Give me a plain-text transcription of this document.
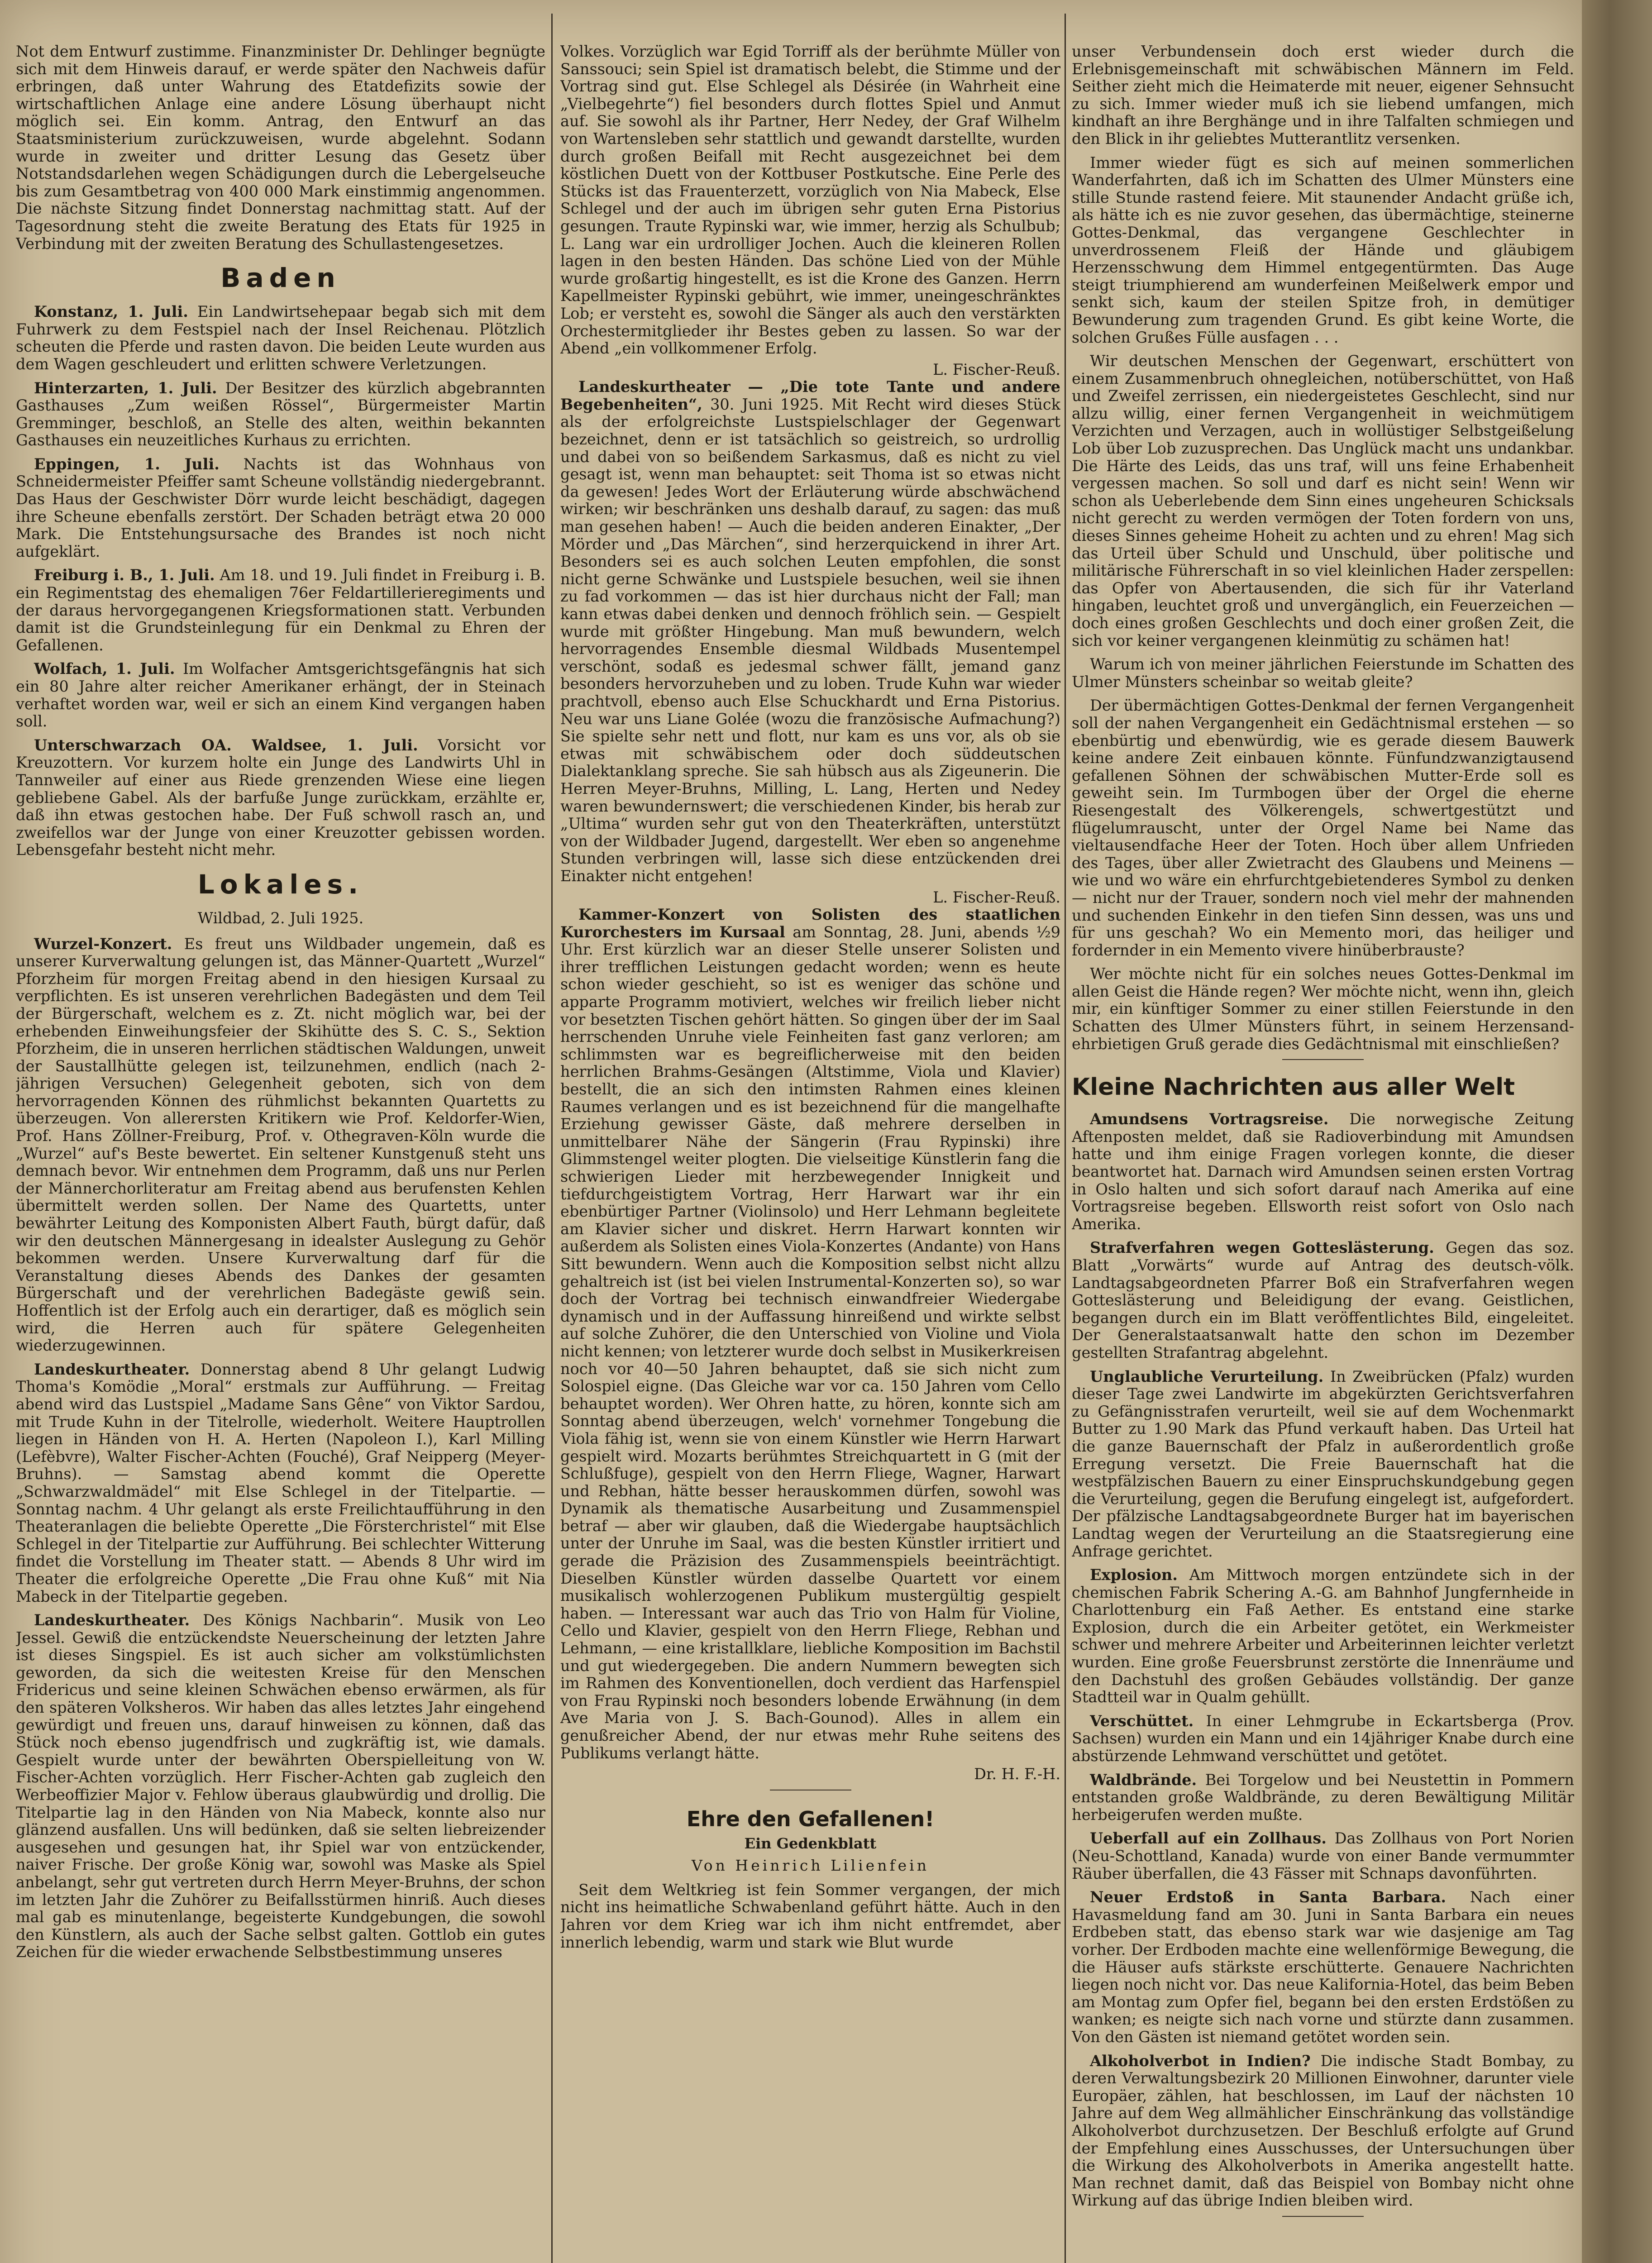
Not dem Entwurf zustimme. Finanzminister Dr. Dehlinger begnügte sich mit dem Hinweis darauf, er werde später den Nachweis dafür erbringen, daß unter Wahrung des Etatdefizits sowie der wirtschaftlichen Anlage eine andere Lösung überhaupt nicht möglich sei. Ein komm. Antrag, den Entwurf an das Staatsministerium zurückzuweisen, wurde abgelehnt. Sodann wurde in zweiter und dritter Lesung das Gesetz über Notstandsdarlehen wegen Schädigungen durch die Lebergelseuche bis zum Gesamtbetrag von 400 000 Mark einstimmig angenommen. Die nächste Sitzung findet Donnerstag nachmittag statt. Auf der Tagesordnung steht die zweite Beratung des Etats für 1925 in Verbindung mit der zweiten Beratung des Schullastengesetzes.

Baden

Konstanz, 1. Juli. Ein Landwirtsehepaar begab sich mit dem Fuhrwerk zu dem Festspiel nach der Insel Reichenau. Plötzlich scheuten die Pferde und rasten davon. Die beiden Leute wurden aus dem Wagen geschleudert und erlitten schwere Verletzungen.

Hinterzarten, 1. Juli. Der Besitzer des kürzlich abgebrannten Gasthauses „Zum weißen Rössel“, Bürgermeister Martin Gremminger, beschloß, an Stelle des alten, weithin bekannten Gasthauses ein neuzeitliches Kurhaus zu errichten.

Eppingen, 1. Juli. Nachts ist das Wohnhaus von Schneidermeister Pfeiffer samt Scheune vollständig niedergebrannt. Das Haus der Geschwister Dörr wurde leicht beschädigt, dagegen ihre Scheune ebenfalls zerstört. Der Schaden beträgt etwa 20 000 Mark. Die Entstehungsursache des Brandes ist noch nicht aufgeklärt.

Freiburg i. B., 1. Juli. Am 18. und 19. Juli findet in Freiburg i. B. ein Regimentstag des ehemaligen 76er Feldartillerieregiments und der daraus hervorgegangenen Kriegsformationen statt. Verbunden damit ist die Grundsteinlegung für ein Denkmal zu Ehren der Gefallenen.

Wolfach, 1. Juli. Im Wolfacher Amtsgerichtsgefängnis hat sich ein 80 Jahre alter reicher Amerikaner erhängt, der in Steinach verhaftet worden war, weil er sich an einem Kind vergangen haben soll.

Unterschwarzach OA. Waldsee, 1. Juli. Vorsicht vor Kreuzottern. Vor kurzem holte ein Junge des Landwirts Uhl in Tannweiler auf einer aus Riede grenzenden Wiese eine liegen gebliebene Gabel. Als der barfuße Junge zurückkam, erzählte er, daß ihn etwas gestochen habe. Der Fuß schwoll rasch an, und zweifellos war der Junge von einer Kreuzotter gebissen worden. Lebensgefahr besteht nicht mehr.

Lokales.
Wildbad, 2. Juli 1925.

Wurzel-Konzert. Es freut uns Wildbader ungemein, daß es unserer Kurverwaltung gelungen ist, das Männer-Quartett „Wurzel“ Pforzheim für morgen Freitag abend in den hiesigen Kursaal zu verpflichten. Es ist unseren verehrlichen Badegästen und dem Teil der Bürgerschaft, welchem es z. Zt. nicht möglich war, bei der erhebenden Einweihungsfeier der Skihütte des S. C. S., Sektion Pforzheim, die in unseren herrlichen städtischen Waldungen, unweit der Saustallhütte gelegen ist, teilzunehmen, endlich (nach 2-jährigen Versuchen) Gelegenheit geboten, sich von dem hervorragenden Können des rühmlichst bekannten Quartetts zu überzeugen. Von allerersten Kritikern wie Prof. Keldorfer-Wien, Prof. Hans Zöllner-Freiburg, Prof. v. Othegraven-Köln wurde die „Wurzel“ auf's Beste bewertet. Ein seltener Kunstgenuß steht uns demnach bevor. Wir entnehmen dem Programm, daß uns nur Perlen der Männerchorliteratur am Freitag abend aus berufensten Kehlen übermittelt werden sollen. Der Name des Quartetts, unter bewährter Leitung des Komponisten Albert Fauth, bürgt dafür, daß wir den deutschen Männergesang in idealster Auslegung zu Gehör bekommen werden. Unsere Kurverwaltung darf für die Veranstaltung dieses Abends des Dankes der gesamten Bürgerschaft und der verehrlichen Badegäste gewiß sein. Hoffentlich ist der Erfolg auch ein derartiger, daß es möglich sein wird, die Herren auch für spätere Gelegenheiten wiederzugewinnen.

Landeskurtheater. Donnerstag abend 8 Uhr gelangt Ludwig Thoma's Komödie „Moral“ erstmals zur Aufführung. — Freitag abend wird das Lustspiel „Madame Sans Gêne“ von Viktor Sardou, mit Trude Kuhn in der Titelrolle, wiederholt. Weitere Hauptrollen liegen in Händen von H. A. Herten (Napoleon I.), Karl Milling (Lefèbvre), Walter Fischer-Achten (Fouché), Graf Neipperg (Meyer-Bruhns). — Samstag abend kommt die Operette „Schwarzwaldmädel“ mit Else Schlegel in der Titelpartie. — Sonntag nachm. 4 Uhr gelangt als erste Freilichtaufführung in den Theateranlagen die beliebte Operette „Die Försterchristel“ mit Else Schlegel in der Titelpartie zur Aufführung. Bei schlechter Witterung findet die Vorstellung im Theater statt. — Abends 8 Uhr wird im Theater die erfolgreiche Operette „Die Frau ohne Kuß“ mit Nia Mabeck in der Titelpartie gegeben.

Landeskurtheater. Des Königs Nachbarin“. Musik von Leo Jessel. Gewiß die entzückendste Neuerscheinung der letzten Jahre ist dieses Singspiel. Es ist auch sicher am volkstümlichsten geworden, da sich die weitesten Kreise für den Menschen Fridericus und seine kleinen Schwächen ebenso erwärmen, als für den späteren Volksheros. Wir haben das alles letztes Jahr eingehend gewürdigt und freuen uns, darauf hinweisen zu können, daß das Stück noch ebenso jugendfrisch und zugkräftig ist, wie damals. Gespielt wurde unter der bewährten Oberspielleitung von W. Fischer-Achten vorzüglich. Herr Fischer-Achten gab zugleich den Werbeoffizier Major v. Fehlow überaus glaubwürdig und drollig. Die Titelpartie lag in den Händen von Nia Mabeck, konnte also nur glänzend ausfallen. Uns will bedünken, daß sie selten liebreizender ausgesehen und gesungen hat, ihr Spiel war von entzückender, naiver Frische. Der große König war, sowohl was Maske als Spiel anbelangt, sehr gut vertreten durch Herrn Meyer-Bruhns, der schon im letzten Jahr die Zuhörer zu Beifallsstürmen hinriß. Auch dieses mal gab es minutenlange, begeisterte Kundgebungen, die sowohl den Künstlern, als auch der Sache selbst galten. Gottlob ein gutes Zeichen für die wieder erwachende Selbstbestimmung unseres

Volkes. Vorzüglich war Egid Torriff als der berühmte Müller von Sanssouci; sein Spiel ist dramatisch belebt, die Stimme und der Vortrag sind gut. Else Schlegel als Désirée (in Wahrheit eine „Vielbegehrte“) fiel besonders durch flottes Spiel und Anmut auf. Sie sowohl als ihr Partner, Herr Nedey, der Graf Wilhelm von Wartensleben sehr stattlich und gewandt darstellte, wurden durch großen Beifall mit Recht ausgezeichnet bei dem köstlichen Duett von der Kottbuser Postkutsche. Eine Perle des Stücks ist das Frauenterzett, vorzüglich von Nia Mabeck, Else Schlegel und der auch im übrigen sehr guten Erna Pistorius gesungen. Traute Rypinski war, wie immer, herzig als Schulbub; L. Lang war ein urdrolliger Jochen. Auch die kleineren Rollen lagen in den besten Händen. Das schöne Lied von der Mühle wurde großartig hingestellt, es ist die Krone des Ganzen. Herrn Kapellmeister Rypinski gebührt, wie immer, uneingeschränktes Lob; er versteht es, sowohl die Sänger als auch den verstärkten Orchestermitglieder ihr Bestes geben zu lassen. So war der Abend „ein vollkommener Erfolg.

L. Fischer-Reuß.

Landeskurtheater — „Die tote Tante und andere Begebenheiten“, 30. Juni 1925. Mit Recht wird dieses Stück als der erfolgreichste Lustspielschlager der Gegenwart bezeichnet, denn er ist tatsächlich so geistreich, so urdrollig und dabei von so beißendem Sarkasmus, daß es nicht zu viel gesagt ist, wenn man behauptet: seit Thoma ist so etwas nicht da gewesen! Jedes Wort der Erläuterung würde abschwächend wirken; wir beschränken uns deshalb darauf, zu sagen: das muß man gesehen haben! — Auch die beiden anderen Einakter, „Der Mörder und „Das Märchen“, sind herzerquickend in ihrer Art. Besonders sei es auch solchen Leuten empfohlen, die sonst nicht gerne Schwänke und Lustspiele besuchen, weil sie ihnen zu fad vorkommen — das ist hier durchaus nicht der Fall; man kann etwas dabei denken und dennoch fröhlich sein. — Gespielt wurde mit größter Hingebung. Man muß bewundern, welch hervorragendes Ensemble diesmal Wildbads Musentempel verschönt, sodaß es jedesmal schwer fällt, jemand ganz besonders hervorzuheben und zu loben. Trude Kuhn war wieder prachtvoll, ebenso auch Else Schuckhardt und Erna Pistorius. Neu war uns Liane Golée (wozu die französische Aufmachung?) Sie spielte sehr nett und flott, nur kam es uns vor, als ob sie etwas mit schwäbischem oder doch süddeutschen Dialektanklang spreche. Sie sah hübsch aus als Zigeunerin. Die Herren Meyer-Bruhns, Milling, L. Lang, Herten und Nedey waren bewundernswert; die verschiedenen Kinder, bis herab zur „Ultima“ wurden sehr gut von den Theaterkräften, unterstützt von der Wildbader Jugend, dargestellt. Wer eben so angenehme Stunden verbringen will, lasse sich diese entzückenden drei Einakter nicht entgehen!

L. Fischer-Reuß.

Kammer-Konzert von Solisten des staatlichen Kurorchesters im Kursaal am Sonntag, 28. Juni, abends ½9 Uhr. Erst kürzlich war an dieser Stelle unserer Solisten und ihrer trefflichen Leistungen gedacht worden; wenn es heute schon wieder geschieht, so ist es weniger das schöne und apparte Programm motiviert, welches wir freilich lieber nicht vor besetzten Tischen gehört hätten. So gingen über der im Saal herrschenden Unruhe viele Feinheiten fast ganz verloren; am schlimmsten war es begreiflicherweise mit den beiden herrlichen Brahms-Gesängen (Altstimme, Viola und Klavier) bestellt, die an sich den intimsten Rahmen eines kleinen Raumes verlangen und es ist bezeichnend für die mangelhafte Erziehung gewisser Gäste, daß mehrere derselben in unmittelbarer Nähe der Sängerin (Frau Rypinski) ihre Glimmstengel weiter plogten. Die vielseitige Künstlerin fang die schwierigen Lieder mit herzbewegender Innigkeit und tiefdurchgeistigtem Vortrag, Herr Harwart war ihr ein ebenbürtiger Partner (Violinsolo) und Herr Lehmann begleitete am Klavier sicher und diskret. Herrn Harwart konnten wir außerdem als Solisten eines Viola-Konzertes (Andante) von Hans Sitt bewundern. Wenn auch die Komposition selbst nicht allzu gehaltreich ist (ist bei vielen Instrumental-Konzerten so), so war doch der Vortrag bei technisch einwandfreier Wiedergabe dynamisch und in der Auffassung hinreißend und wirkte selbst auf solche Zuhörer, die den Unterschied von Violine und Viola nicht kennen; von letzterer wurde doch selbst in Musikerkreisen noch vor 40—50 Jahren behauptet, daß sie sich nicht zum Solospiel eigne. (Das Gleiche war vor ca. 150 Jahren vom Cello behauptet worden). Wer Ohren hatte, zu hören, konnte sich am Sonntag abend überzeugen, welch' vornehmer Tongebung die Viola fähig ist, wenn sie von einem Künstler wie Herrn Harwart gespielt wird. Mozarts berühmtes Streichquartett in G (mit der Schlußfuge), gespielt von den Herrn Fliege, Wagner, Harwart und Rebhan, hätte besser herauskommen dürfen, sowohl was Dynamik als thematische Ausarbeitung und Zusammenspiel betraf — aber wir glauben, daß die Wiedergabe hauptsächlich unter der Unruhe im Saal, was die besten Künstler irritiert und gerade die Präzision des Zusammenspiels beeinträchtigt. Dieselben Künstler würden dasselbe Quartett vor einem musikalisch wohlerzogenen Publikum mustergültig gespielt haben. — Interessant war auch das Trio von Halm für Violine, Cello und Klavier, gespielt von den Herrn Fliege, Rebhan und Lehmann, — eine kristallklare, liebliche Komposition im Bachstil und gut wiedergegeben. Die andern Nummern bewegten sich im Rahmen des Konventionellen, doch verdient das Harfenspiel von Frau Rypinski noch besonders lobende Erwähnung (in dem Ave Maria von J. S. Bach-Gounod). Alles in allem ein genußreicher Abend, der nur etwas mehr Ruhe seitens des Publikums verlangt hätte.

Dr. H. F.-H.
Ehre den Gefallenen!
Ein Gedenkblatt
Von Heinrich Lilienfein

Seit dem Weltkrieg ist fein Sommer vergangen, der mich nicht ins heimatliche Schwabenland geführt hätte. Auch in den Jahren vor dem Krieg war ich ihm nicht entfremdet, aber innerlich lebendig, warm und stark wie Blut wurde

unser Verbundensein doch erst wieder durch die Erlebnisgemeinschaft mit schwäbischen Männern im Feld. Seither zieht mich die Heimaterde mit neuer, eigener Sehnsucht zu sich. Immer wieder muß ich sie liebend umfangen, mich kindhaft an ihre Berghänge und in ihre Talfalten schmiegen und den Blick in ihr geliebtes Mutterantlitz versenken.

Immer wieder fügt es sich auf meinen sommerlichen Wanderfahrten, daß ich im Schatten des Ulmer Münsters eine stille Stunde rastend feiere. Mit staunender Andacht grüße ich, als hätte ich es nie zuvor gesehen, das übermächtige, steinerne Gottes-Denkmal, das vergangene Geschlechter in unverdrossenem Fleiß der Hände und gläubigem Herzensschwung dem Himmel entgegentürmten. Das Auge steigt triumphierend am wunderfeinen Meißelwerk empor und senkt sich, kaum der steilen Spitze froh, in demütiger Bewunderung zum tragenden Grund. Es gibt keine Worte, die solchen Grußes Fülle ausfagen . . .

Wir deutschen Menschen der Gegenwart, erschüttert von einem Zusammenbruch ohnegleichen, notüberschüttet, von Haß und Zweifel zerrissen, ein niedergeistetes Geschlecht, sind nur allzu willig, einer fernen Vergangenheit in weichmütigem Verzichten und Verzagen, auch in wollüstiger Selbstgeißelung Lob über Lob zuzusprechen. Das Unglück macht uns undankbar. Die Härte des Leids, das uns traf, will uns feine Erhabenheit vergessen machen. So soll und darf es nicht sein! Wenn wir schon als Ueberlebende dem Sinn eines ungeheuren Schicksals nicht gerecht zu werden vermögen der Toten fordern von uns, dieses Sinnes geheime Hoheit zu achten und zu ehren! Mag sich das Urteil über Schuld und Unschuld, über politische und militärische Führerschaft in so viel kleinlichen Hader zerspellen: das Opfer von Abertausenden, die sich für ihr Vaterland hingaben, leuchtet groß und unvergänglich, ein Feuerzeichen — doch eines großen Geschlechts und doch einer großen Zeit, die sich vor keiner vergangenen kleinmütig zu schämen hat!

Warum ich von meiner jährlichen Feierstunde im Schatten des Ulmer Münsters scheinbar so weitab gleite?

Der übermächtigen Gottes-Denkmal der fernen Vergangenheit soll der nahen Vergangenheit ein Gedächtnismal erstehen — so ebenbürtig und ebenwürdig, wie es gerade diesem Bauwerk keine andere Zeit einbauen könnte. Fünfundzwanzigtausend gefallenen Söhnen der schwäbischen Mutter-Erde soll es geweiht sein. Im Turmbogen über der Orgel die eherne Riesengestalt des Völkerengels, schwertgestützt und flügelumrauscht, unter der Orgel Name bei Name das vieltausendfache Heer der Toten. Hoch über allem Unfrieden des Tages, über aller Zwietracht des Glaubens und Meinens — wie und wo wäre ein ehrfurchtgebietenderes Symbol zu denken — nicht nur der Trauer, sondern noch viel mehr der mahnenden und suchenden Einkehr in den tiefen Sinn dessen, was uns und für uns geschah? Wo ein Memento mori, das heiliger und fordernder in ein Memento vivere hinüberbrauste?

Wer möchte nicht für ein solches neues Gottes-Denkmal im allen Geist die Hände regen? Wer möchte nicht, wenn ihn, gleich mir, ein künftiger Sommer zu einer stillen Feierstunde in den Schatten des Ulmer Münsters führt, in seinem Herzensand-ehrbietigen Gruß gerade dies Gedächtnismal mit einschließen?

Kleine Nachrichten aus aller Welt

Amundsens Vortragsreise. Die norwegische Zeitung Aftenposten meldet, daß sie Radioverbindung mit Amundsen hatte und ihm einige Fragen vorlegen konnte, die dieser beantwortet hat. Darnach wird Amundsen seinen ersten Vortrag in Oslo halten und sich sofort darauf nach Amerika auf eine Vortragsreise begeben. Ellsworth reist sofort von Oslo nach Amerika.

Strafverfahren wegen Gotteslästerung. Gegen das soz. Blatt „Vorwärts“ wurde auf Antrag des deutsch-völk. Landtagsabgeordneten Pfarrer Boß ein Strafverfahren wegen Gotteslästerung und Beleidigung der evang. Geistlichen, begangen durch ein im Blatt veröffentlichtes Bild, eingeleitet. Der Generalstaatsanwalt hatte den schon im Dezember gestellten Strafantrag abgelehnt.

Unglaubliche Verurteilung. In Zweibrücken (Pfalz) wurden dieser Tage zwei Landwirte im abgekürzten Gerichtsverfahren zu Gefängnisstrafen verurteilt, weil sie auf dem Wochenmarkt Butter zu 1.90 Mark das Pfund verkauft haben. Das Urteil hat die ganze Bauernschaft der Pfalz in außerordentlich große Erregung versetzt. Die Freie Bauernschaft hat die westpfälzischen Bauern zu einer Einspruchskundgebung gegen die Verurteilung, gegen die Berufung eingelegt ist, aufgefordert. Der pfälzische Landtagsabgeordnete Burger hat im bayerischen Landtag wegen der Verurteilung an die Staatsregierung eine Anfrage gerichtet.

Explosion. Am Mittwoch morgen entzündete sich in der chemischen Fabrik Schering A.-G. am Bahnhof Jungfernheide in Charlottenburg ein Faß Aether. Es entstand eine starke Explosion, durch die ein Arbeiter getötet, ein Werkmeister schwer und mehrere Arbeiter und Arbeiterinnen leichter verletzt wurden. Eine große Feuersbrunst zerstörte die Innenräume und den Dachstuhl des großen Gebäudes vollständig. Der ganze Stadtteil war in Qualm gehüllt.

Verschüttet. In einer Lehmgrube in Eckartsberga (Prov. Sachsen) wurden ein Mann und ein 14jähriger Knabe durch eine abstürzende Lehmwand verschüttet und getötet.

Waldbrände. Bei Torgelow und bei Neustettin in Pommern entstanden große Waldbrände, zu deren Bewältigung Militär herbeigerufen werden mußte.

Ueberfall auf ein Zollhaus. Das Zollhaus von Port Norien (Neu-Schottland, Kanada) wurde von einer Bande vermummter Räuber überfallen, die 43 Fässer mit Schnaps davonführten.

Neuer Erdstoß in Santa Barbara. Nach einer Havasmeldung fand am 30. Juni in Santa Barbara ein neues Erdbeben statt, das ebenso stark war wie dasjenige am Tag vorher. Der Erdboden machte eine wellenförmige Bewegung, die die Häuser aufs stärkste erschütterte. Genauere Nachrichten liegen noch nicht vor. Das neue Kalifornia-Hotel, das beim Beben am Montag zum Opfer fiel, begann bei den ersten Erdstößen zu wanken; es neigte sich nach vorne und stürzte dann zusammen. Von den Gästen ist niemand getötet worden sein.

Alkoholverbot in Indien? Die indische Stadt Bombay, zu deren Verwaltungsbezirk 20 Millionen Einwohner, darunter viele Europäer, zählen, hat beschlossen, im Lauf der nächsten 10 Jahre auf dem Weg allmählicher Einschränkung das vollständige Alkoholverbot durchzusetzen. Der Beschluß erfolgte auf Grund der Empfehlung eines Ausschusses, der Untersuchungen über die Wirkung des Alkoholverbots in Amerika angestellt hatte. Man rechnet damit, daß das Beispiel von Bombay nicht ohne Wirkung auf das übrige Indien bleiben wird.
